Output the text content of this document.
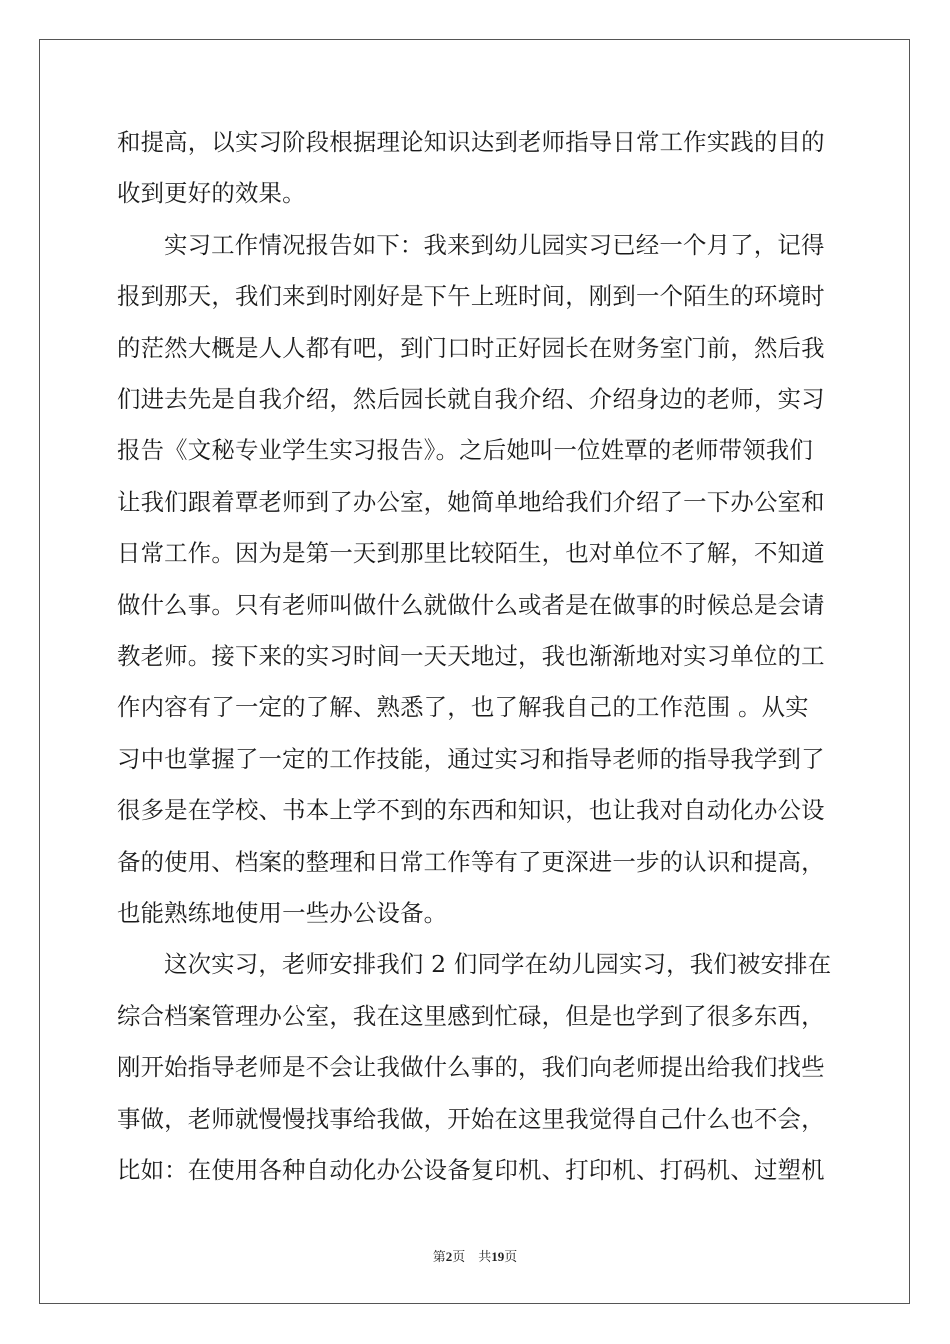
和提高，以实习阶段根据理论知识达到老师指导日常工作实践的目的
收到更好的效果。
实习工作情况报告如下：我来到幼儿园实习已经一个月了，记得
报到那天，我们来到时刚好是下午上班时间，刚到一个陌生的环境时
的茫然大概是人人都有吧，到门口时正好园长在财务室门前，然后我
们进去先是自我介绍，然后园长就自我介绍、介绍身边的老师，实习
报告《文秘专业学生实习报告》。之后她叫一位姓覃的老师带领我们
让我们跟着覃老师到了办公室，她简单地给我们介绍了一下办公室和
日常工作。因为是第一天到那里比较陌生，也对单位不了解，不知道
做什么事。只有老师叫做什么就做什么或者是在做事的时候总是会请
教老师。接下来的实习时间一天天地过，我也渐渐地对实习单位的工
作内容有了一定的了解、熟悉了，也了解我自己的工作范围 。从实
习中也掌握了一定的工作技能，通过实习和指导老师的指导我学到了
很多是在学校、书本上学不到的东西和知识，也让我对自动化办公设
备的使用、档案的整理和日常工作等有了更深进一步的认识和提高，
也能熟练地使用一些办公设备。
这次实习，老师安排我们 2 们同学在幼儿园实习，我们被安排在
综合档案管理办公室，我在这里感到忙碌，但是也学到了很多东西，
刚开始指导老师是不会让我做什么事的，我们向老师提出给我们找些
事做，老师就慢慢找事给我做，开始在这里我觉得自己什么也不会，
比如：在使用各种自动化办公设备复印机、打印机、打码机、过塑机
第2页 共19页
